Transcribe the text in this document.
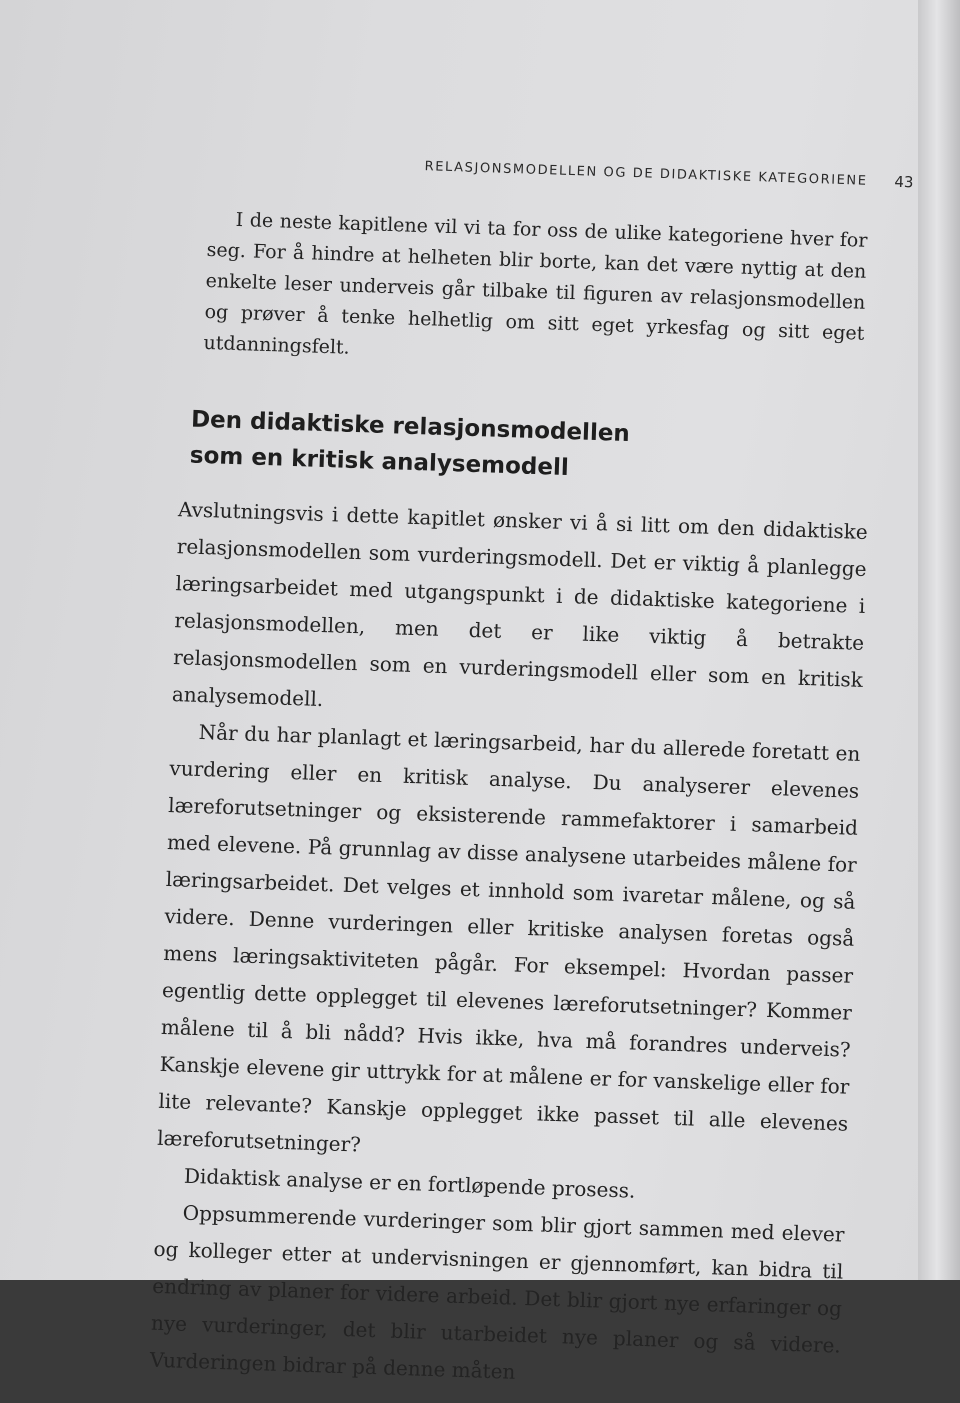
RELASJONSMODELLEN OG DE DIDAKTISKE KATEGORIENE	43
I de neste kapitlene vil vi ta for oss de ulike kategoriene hver for seg. For å hindre at helheten blir borte, kan det være nyttig at den enkelte leser underveis går tilbake til figuren av relasjonsmodellen og prøver å tenke helhetlig om sitt eget yrkesfag og sitt eget utdanningsfelt.
Den didaktiske relasjonsmodellen
som en kritisk analysemodell

Avslutningsvis i dette kapitlet ønsker vi å si litt om den didaktiske relasjonsmodellen som vurderingsmodell. Det er viktig å planlegge læringsarbeidet med utgangspunkt i de didaktiske kategoriene i relasjonsmodellen, men det er like viktig å betrakte relasjonsmodellen som en vurderingsmodell eller som en kritisk analysemodell.

Når du har planlagt et læringsarbeid, har du allerede foretatt en vurdering eller en kritisk analyse. Du analyserer elevenes læreforutsetninger og eksisterende rammefaktorer i samarbeid med elevene. På grunnlag av disse analysene utarbeides målene for læringsarbeidet. Det velges et innhold som ivaretar målene, og så videre. Denne vurderingen eller kritiske analysen foretas også mens læringsaktiviteten pågår. For eksempel: Hvordan passer egentlig dette opplegget til elevenes læreforutsetninger? Kommer målene til å bli nådd? Hvis ikke, hva må forandres underveis? Kanskje elevene gir uttrykk for at målene er for vanskelige eller for lite relevante? Kanskje opplegget ikke passet til alle elevenes læreforutsetninger?

Didaktisk analyse er en fortløpende prosess.

Oppsummerende vurderinger som blir gjort sammen med elever og kolleger etter at undervisningen er gjennomført, kan bidra til endring av planer for videre arbeid. Det blir gjort nye erfaringer og nye vurderinger, det blir utarbeidet nye planer og så videre. Vurderingen bidrar på denne måten
